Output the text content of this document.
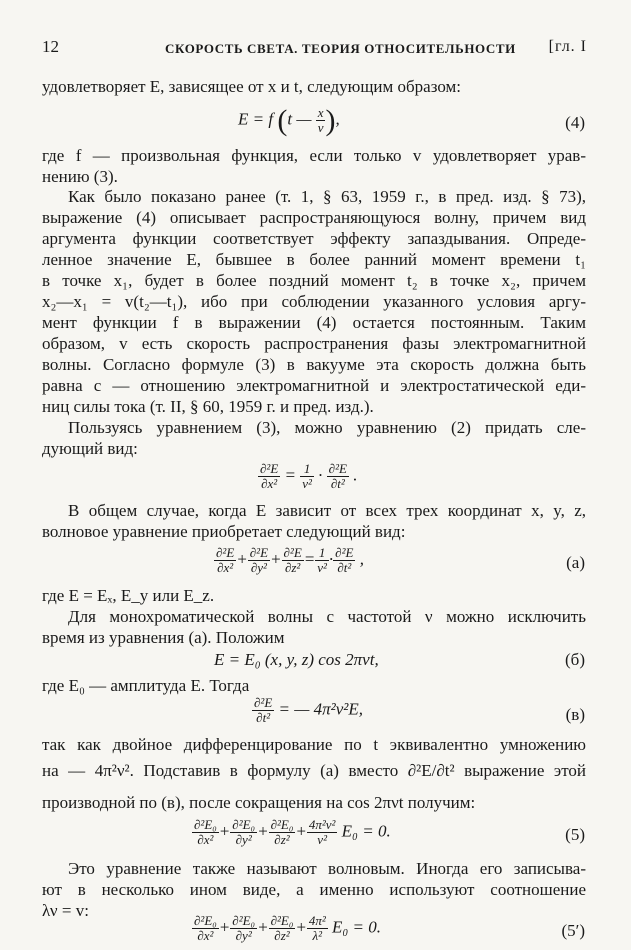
12	СКОРОСТЬ СВЕТА. ТЕОРИЯ ОТНОСИТЕЛЬНОСТИ [гл. I
удовлетворяет E, зависящее от x и t, следующим образом:
E = f (t — $\frac{x}{v}$ ),	(4)
где f — произвольная функция, если только v удовлетворяет урав-
нению (3).
Как было показано ранее (т. 1, § 63, 1959 г., в пред. изд. § 73),
выражение (4) описывает распространяющуюся волну, причем вид
аргумента функции соответствует эффекту запаздывания. Опреде-
ленное значение E, бывшее в более ранний момент времени t₁
в точке x₁, будет в более поздний момент t₂ в точке x₂, причем
x₂—x₁ = v(t₂—t₁), ибо при соблюдении указанного условия аргу-
мент функции f в выражении (4) остается постоянным. Таким
образом, v есть скорость распространения фазы электромагнитной
волны. Согласно формуле (3) в вакууме эта скорость должна быть
равна c — отношению электромагнитной и электростатической еди-
ниц силы тока (т. II, § 60, 1959 г. и пред. изд.).
Пользуясь уравнением (3), можно уравнению (2) придать сле-
дующий вид:
$\frac{\text{∂²E}}{\text{∂x²}} = \frac{1}{\text{v²}} \cdot \frac{\text{∂²E}}{\text{∂t²}}$ .
В общем случае, когда E зависит от всех трех координат x, y, z,
волновое уравнение приобретает следующий вид:
$\frac{\text{∂²E}}{\text{∂x²}} + \frac{\text{∂²E}}{\text{∂y²}} + \frac{\text{∂²E}}{\text{∂z²}} = \frac{1}{\text{v²}} \cdot \frac{\text{∂²E}}{\text{∂t²}}$ ,	(а)
где E = Eₓ, E_y или E_z.
Для монохроматической волны с частотой ν можно исключить
время из уравнения (а). Положим
E = E₀ (x, y, z) cos 2πνt,	(б)
где E₀ — амплитуда E. Тогда
$\frac{\text{∂²E}}{\text{∂t²}}$ = — 4π²ν²E,	(в)
так как двойное дифференцирование по t эквивалентно умножению
на — 4π²ν². Подставив в формулу (а) вместо ∂²E/∂t² выражение этой
производной по (в), после сокращения на cos 2πνt получим:
$\frac{\text{∂²E₀}}{\text{∂x²}} + \frac{\text{∂²E₀}}{\text{∂y²}} + \frac{\text{∂²E₀}}{\text{∂z²}} + \frac{\text{4π²ν²}}{\text{v²}} E_0 = 0$.	(5)
Это уравнение также называют волновым. Иногда его записыва-
ют в несколько ином виде, а именно используют соотношение
λν = v:
$\frac{\text{∂²E₀}}{\text{∂x²}} + \frac{\text{∂²E₀}}{\text{∂y²}} + \frac{\text{∂²E₀}}{\text{∂z²}} + \frac{\text{4π²}}{\text{λ²}} E_0 = 0$.	(5′)
